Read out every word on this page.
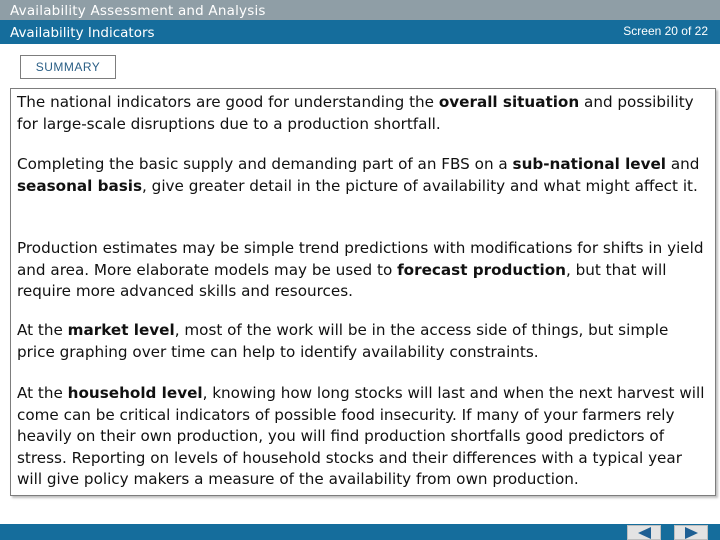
Availability Assessment and Analysis
Availability Indicators	Screen 20 of 22
SUMMARY

The national indicators are good for understanding the overall situation and possibility for large-scale disruptions due to a production shortfall.

Completing the basic supply and demanding part of an FBS on a sub-national level and seasonal basis, give greater detail in the picture of availability and what might affect it.

Production estimates may be simple trend predictions with modifications for shifts in yield and area. More elaborate models may be used to forecast production, but that will require more advanced skills and resources.

At the market level, most of the work will be in the access side of things, but simple price graphing over time can help to identify availability constraints.

At the household level, knowing how long stocks will last and when the next harvest will come can be critical indicators of possible food insecurity. If many of your farmers rely heavily on their own production, you will find production shortfalls good predictors of stress. Reporting on levels of household stocks and their differences with a typical year will give policy makers a measure of the availability from own production.
